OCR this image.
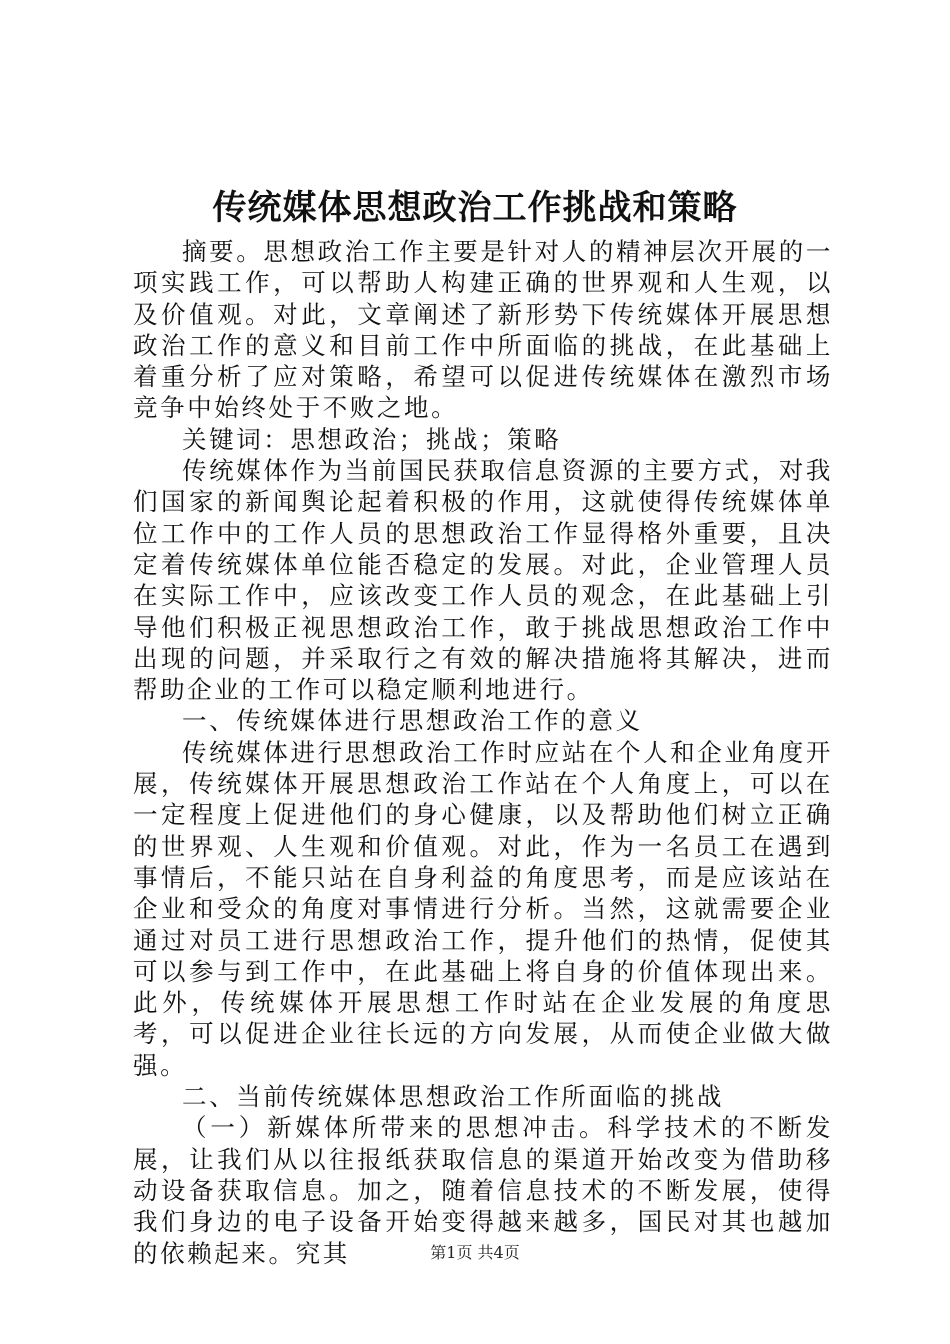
传统媒体思想政治工作挑战和策略

摘要。思想政治工作主要是针对人的精神层次开展的一项实践工作，可以帮助人构建正确的世界观和人生观，以及价值观。对此，文章阐述了新形势下传统媒体开展思想政治工作的意义和目前工作中所面临的挑战，在此基础上着重分析了应对策略，希望可以促进传统媒体在激烈市场竞争中始终处于不败之地。

关键词：思想政治；挑战；策略

传统媒体作为当前国民获取信息资源的主要方式，对我们国家的新闻舆论起着积极的作用，这就使得传统媒体单位工作中的工作人员的思想政治工作显得格外重要，且决定着传统媒体单位能否稳定的发展。对此，企业管理人员在实际工作中，应该改变工作人员的观念，在此基础上引导他们积极正视思想政治工作，敢于挑战思想政治工作中出现的问题，并采取行之有效的解决措施将其解决，进而帮助企业的工作可以稳定顺利地进行。

一、传统媒体进行思想政治工作的意义

传统媒体进行思想政治工作时应站在个人和企业角度开展，传统媒体开展思想政治工作站在个人角度上，可以在一定程度上促进他们的身心健康，以及帮助他们树立正确的世界观、人生观和价值观。对此，作为一名员工在遇到事情后，不能只站在自身利益的角度思考，而是应该站在企业和受众的角度对事情进行分析。当然，这就需要企业通过对员工进行思想政治工作，提升他们的热情，促使其可以参与到工作中，在此基础上将自身的价值体现出来。此外，传统媒体开展思想工作时站在企业发展的角度思考，可以促进企业往长远的方向发展，从而使企业做大做强。

二、当前传统媒体思想政治工作所面临的挑战

（一）新媒体所带来的思想冲击。科学技术的不断发展，让我们从以往报纸获取信息的渠道开始改变为借助移动设备获取信息。加之，随着信息技术的不断发展，使得我们身边的电子设备开始变得越来越多，国民对其也越加的依赖起来。究其	第1页 共4页
